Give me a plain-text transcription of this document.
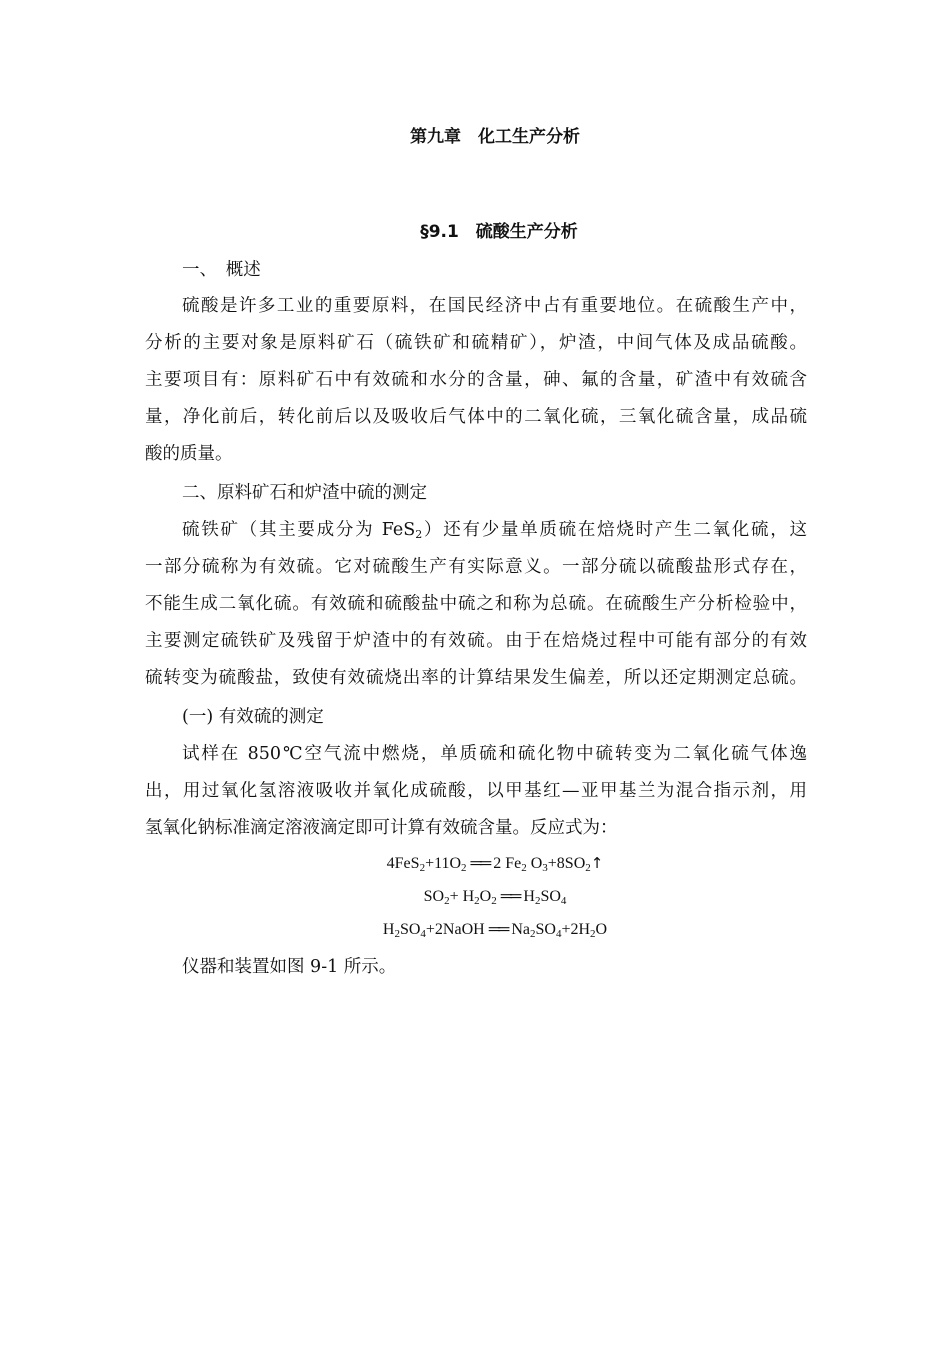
第九章　化工生产分析
§9.1　硫酸生产分析
一、　概述
硫酸是许多工业的重要原料，在国民经济中占有重要地位。在硫酸生产中，
分析的主要对象是原料矿石（硫铁矿和硫精矿），炉渣，中间气体及成品硫酸。
主要项目有：原料矿石中有效硫和水分的含量，砷、氟的含量，矿渣中有效硫含
量，净化前后，转化前后以及吸收后气体中的二氧化硫，三氧化硫含量，成品硫
酸的质量。
二、原料矿石和炉渣中硫的测定
硫铁矿（其主要成分为 FeS$_2$）还有少量单质硫在焙烧时产生二氧化硫，这
一部分硫称为有效硫。它对硫酸生产有实际意义。一部分硫以硫酸盐形式存在，
不能生成二氧化硫。有效硫和硫酸盐中硫之和称为总硫。在硫酸生产分析检验中，
主要测定硫铁矿及残留于炉渣中的有效硫。由于在焙烧过程中可能有部分的有效
硫转变为硫酸盐，致使有效硫烧出率的计算结果发生偏差，所以还定期测定总硫。
(一) 有效硫的测定
试样在 850℃空气流中燃烧，单质硫和硫化物中硫转变为二氧化硫气体逸
出，用过氧化氢溶液吸收并氧化成硫酸，以甲基红—亚甲基兰为混合指示剂，用
氢氧化钠标准滴定溶液滴定即可计算有效硫含量。反应式为：
$4FeS_2+11O_2$ ══ 2 $Fe_2$ $O_3+8SO_2↑$
$SO_2+ H_2O_2$ ══ $H_2SO_4$
$H_2SO_4+2NaOH$ ══ $Na_2SO_4+2H_2O$
仪器和装置如图 9-1 所示。
